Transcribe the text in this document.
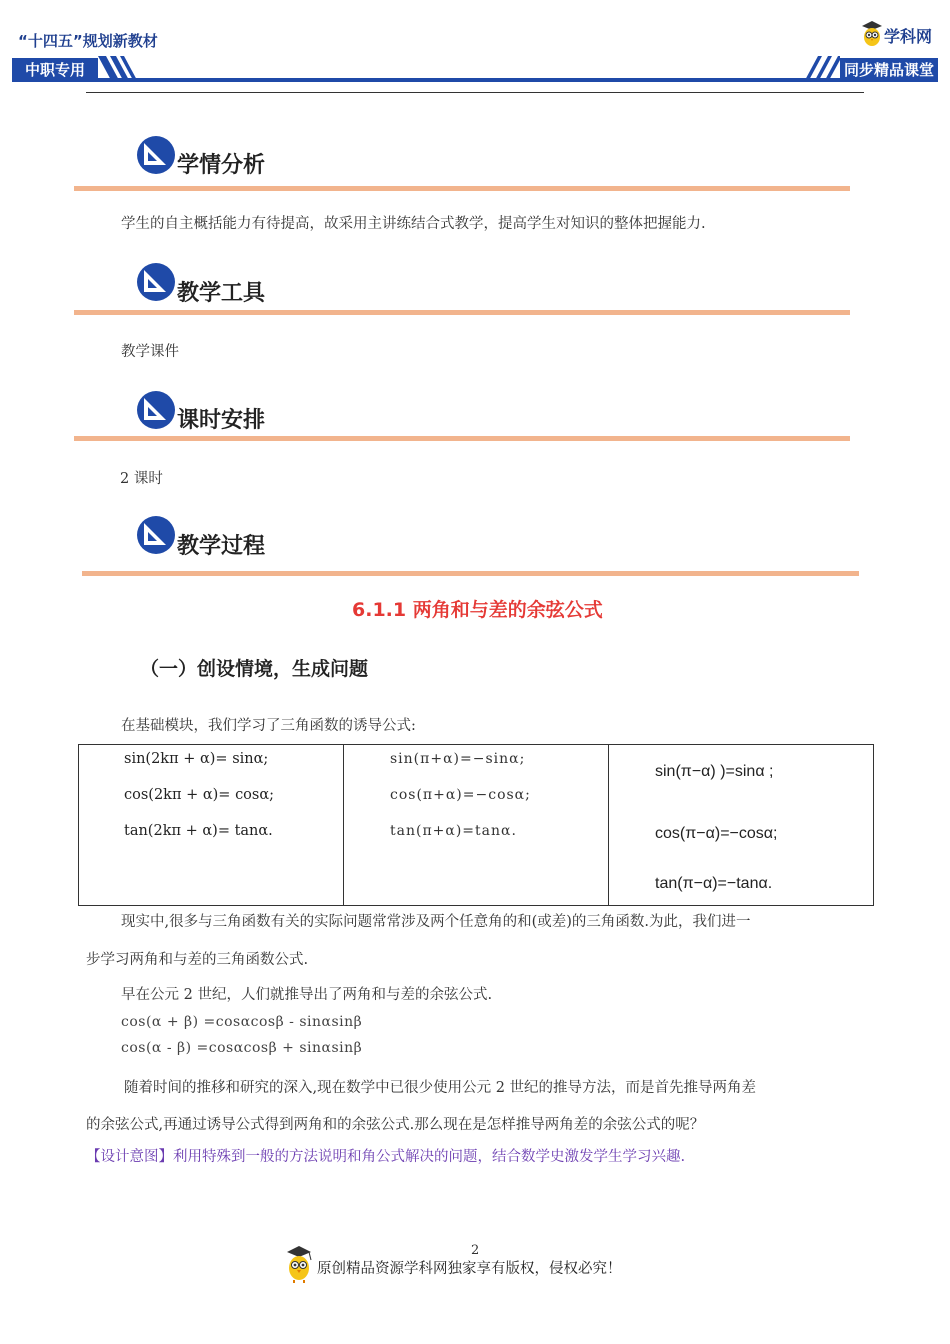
“十四五”规划新教材
中职专用	同步精品课堂
学科网
学情分析
学生的自主概括能力有待提高，故采用主讲练结合式教学，提高学生对知识的整体把握能力.
教学工具
教学课件
课时安排
2 课时
教学过程
6.1.1 两角和与差的余弦公式
（一）创设情境，生成问题
在基础模块，我们学习了三角函数的诱导公式:
sin(2kπ + α)= sinα;
cos(2kπ + α)= cosα;
tan(2kπ + α)= tanα.

sin(π+α)=−sinα;
cos(π+α)=−cosα;
tan(π+α)=tanα.

sin(π−α) )=sinα ;
cos(π−α)=−cosα;
tan(π−α)=−tanα.
现实中,很多与三角函数有关的实际问题常常涉及两个任意角的和(或差)的三角函数.为此，我们进一
步学习两角和与差的三角函数公式.
早在公元 2 世纪，人们就推导出了两角和与差的余弦公式.
cos(α + β) =cosαcosβ - sinαsinβ
cos(α - β) =cosαcosβ + sinαsinβ
随着时间的推移和研究的深入,现在数学中已很少使用公元 2 世纪的推导方法，而是首先推导两角差
的余弦公式,再通过诱导公式得到两角和的余弦公式.那么现在是怎样推导两角差的余弦公式的呢？
【设计意图】利用特殊到一般的方法说明和角公式解决的问题，结合数学史激发学生学习兴趣.
2
原创精品资源学科网独家享有版权，侵权必究！
